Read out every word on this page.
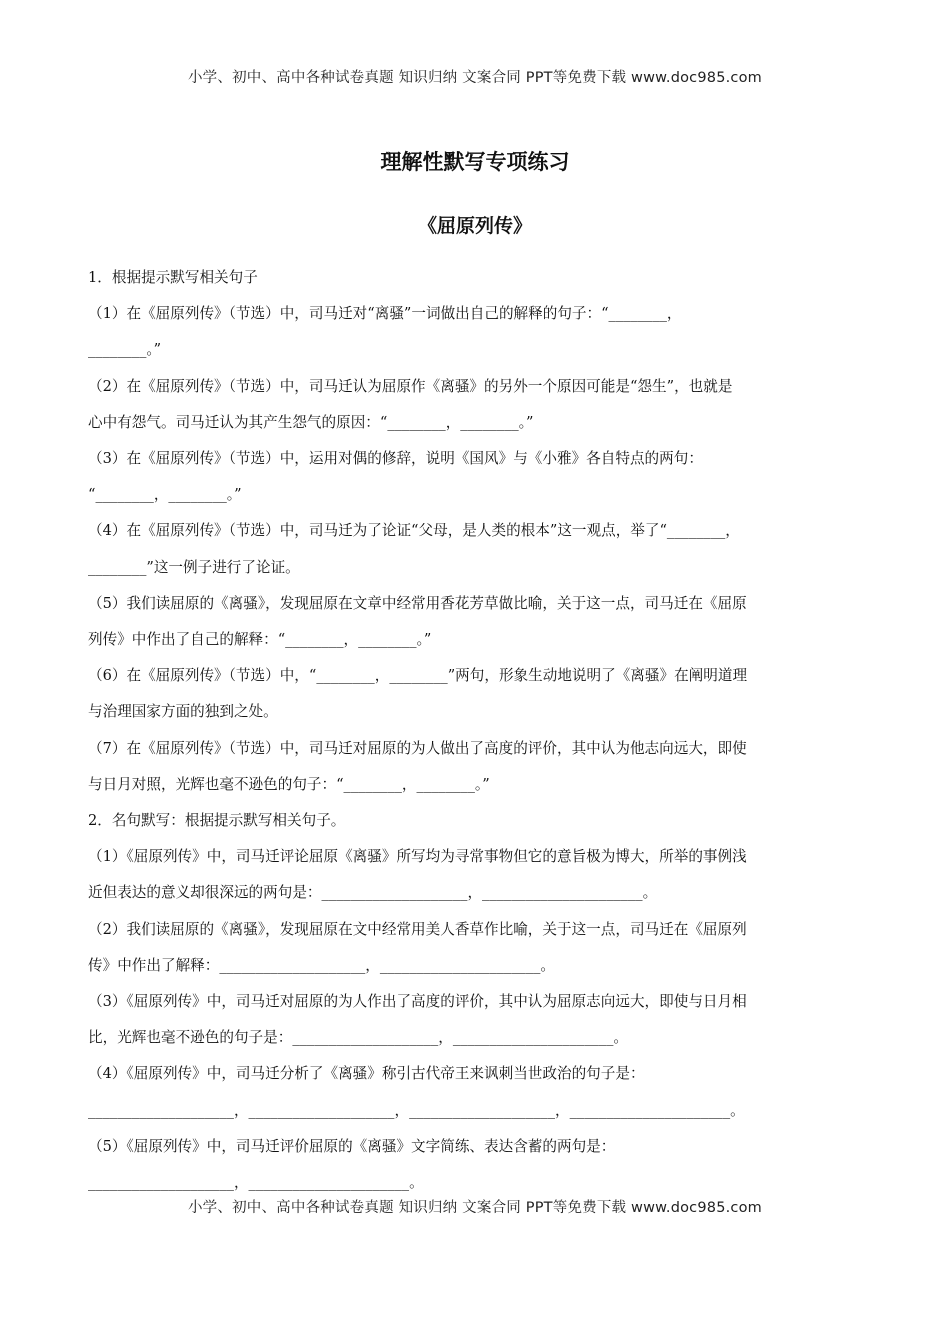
小学、初中、高中各种试卷真题 知识归纳 文案合同 PPT等免费下载 www.doc985.com
理解性默写专项练习
《屈原列传》

1．根据提示默写相关句子

（1）在《屈原列传》（节选）中，司马迁对“离骚”一词做出自己的解释的句子：“________，

________。”

（2）在《屈原列传》（节选）中，司马迁认为屈原作《离骚》的另外一个原因可能是“怨生”，也就是

心中有怨气。司马迁认为其产生怨气的原因：“________，________。”

（3）在《屈原列传》（节选）中，运用对偶的修辞，说明《国风》与《小雅》各自特点的两句：

“________，________。”

（4）在《屈原列传》（节选）中，司马迁为了论证“父母，是人类的根本”这一观点，举了“________，

________”这一例子进行了论证。

（5）我们读屈原的《离骚》，发现屈原在文章中经常用香花芳草做比喻，关于这一点，司马迁在《屈原

列传》中作出了自己的解释：“________，________。”

（6）在《屈原列传》（节选）中，“________，________”两句，形象生动地说明了《离骚》在阐明道理

与治理国家方面的独到之处。

（7）在《屈原列传》（节选）中，司马迁对屈原的为人做出了高度的评价，其中认为他志向远大，即使

与日月对照，光辉也毫不逊色的句子：“________，________。”

2．名句默写：根据提示默写相关句子。

（1）《屈原列传》中，司马迁评论屈原《离骚》所写均为寻常事物但它的意旨极为博大，所举的事例浅

近但表达的意义却很深远的两句是：____________________，______________________。

（2）我们读屈原的《离骚》，发现屈原在文中经常用美人香草作比喻，关于这一点，司马迁在《屈原列

传》中作出了解释：____________________，______________________。

（3）《屈原列传》中，司马迁对屈原的为人作出了高度的评价，其中认为屈原志向远大，即使与日月相

比，光辉也毫不逊色的句子是：____________________，______________________。

（4）《屈原列传》中，司马迁分析了《离骚》称引古代帝王来讽刺当世政治的句子是：

____________________，____________________，____________________，______________________。

（5）《屈原列传》中，司马迁评价屈原的《离骚》文字简练、表达含蓄的两句是：

____________________，______________________。

小学、初中、高中各种试卷真题 知识归纳 文案合同 PPT等免费下载 www.doc985.com
